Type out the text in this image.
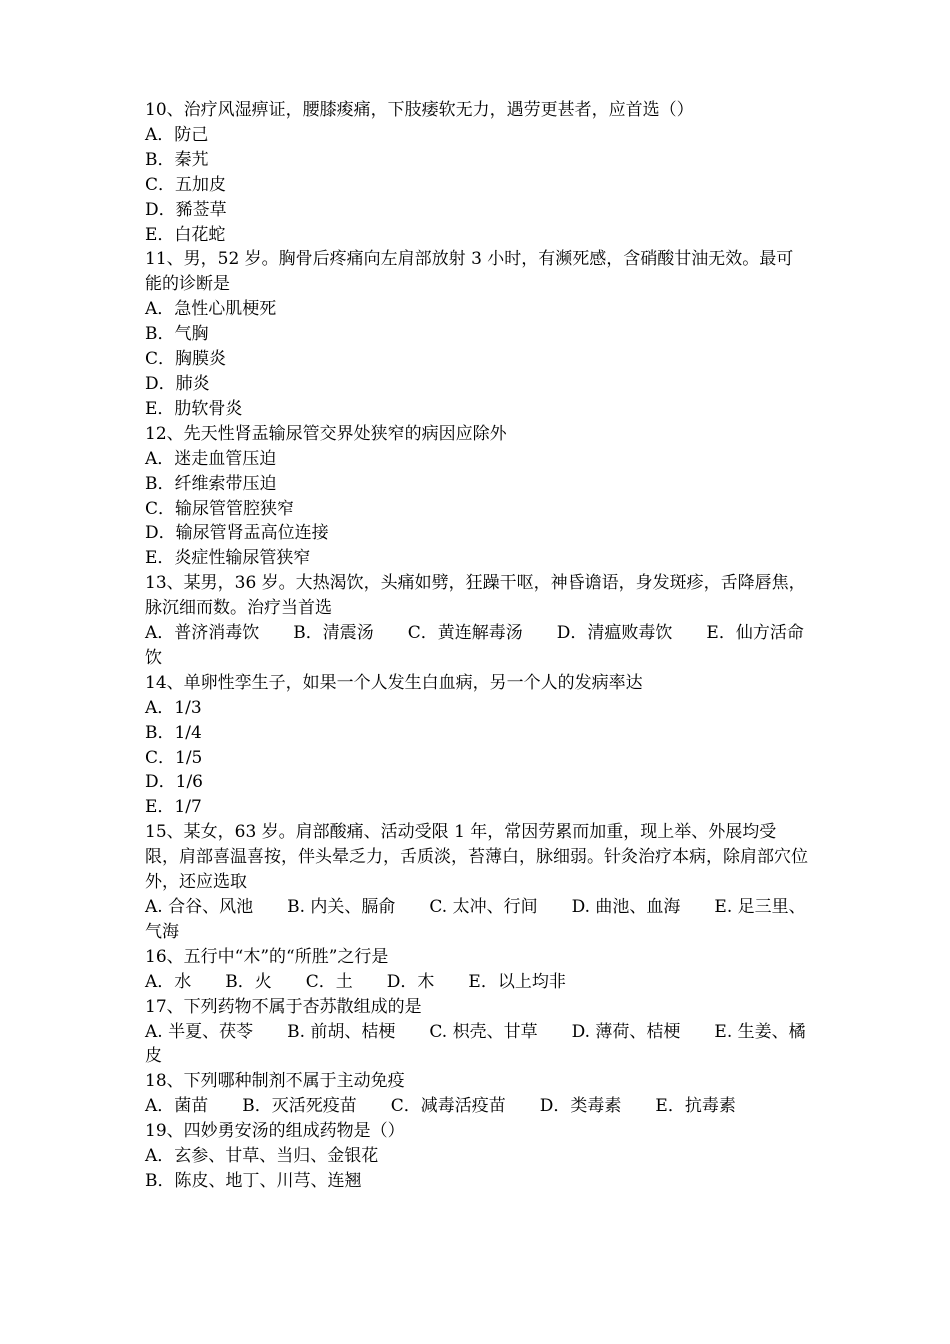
10、治疗风湿痹证，腰膝痠痛，下肢痿软无力，遇劳更甚者，应首选（）
A．防己
B．秦艽
C．五加皮
D．豨莶草
E．白花蛇
11、男，52 岁。胸骨后疼痛向左肩部放射 3 小时，有濒死感，含硝酸甘油无效。最可能的诊断是
A．急性心肌梗死
B．气胸
C．胸膜炎
D．肺炎
E．肋软骨炎
12、先天性肾盂输尿管交界处狭窄的病因应除外
A．迷走血管压迫
B．纤维索带压迫
C．输尿管管腔狭窄
D．输尿管肾盂高位连接
E．炎症性输尿管狭窄
13、某男，36 岁。大热渴饮，头痛如劈，狂躁干呕，神昏谵语，身发斑疹，舌降唇焦，脉沉细而数。治疗当首选
A．普济消毒饮　　B．清震汤　　C．黄连解毒汤　　D．清瘟败毒饮　　E．仙方活命饮
14、单卵性孪生子，如果一个人发生白血病，另一个人的发病率达
A．1/3
B．1/4
C．1/5
D．1/6
E．1/7
15、某女，63 岁。肩部酸痛、活动受限 1 年，常因劳累而加重，现上举、外展均受限，肩部喜温喜按，伴头晕乏力，舌质淡，苔薄白，脉细弱。针灸治疗本病，除肩部穴位外，还应选取
A. 合谷、风池　　B. 内关、膈俞　　C. 太冲、行间　　D. 曲池、血海　　E. 足三里、气海
16、五行中“木”的“所胜”之行是
A．水　　B．火　　C．土　　D．木　　E．以上均非
17、下列药物不属于杏苏散组成的是
A. 半夏、茯苓　　B. 前胡、桔梗　　C. 枳壳、甘草　　D. 薄荷、桔梗　　E. 生姜、橘皮
18、下列哪种制剂不属于主动免疫
A．菌苗　　B．灭活死疫苗　　C．减毒活疫苗　　D．类毒素　　E．抗毒素
19、四妙勇安汤的组成药物是（）
A．玄参、甘草、当归、金银花
B．陈皮、地丁、川芎、连翘
